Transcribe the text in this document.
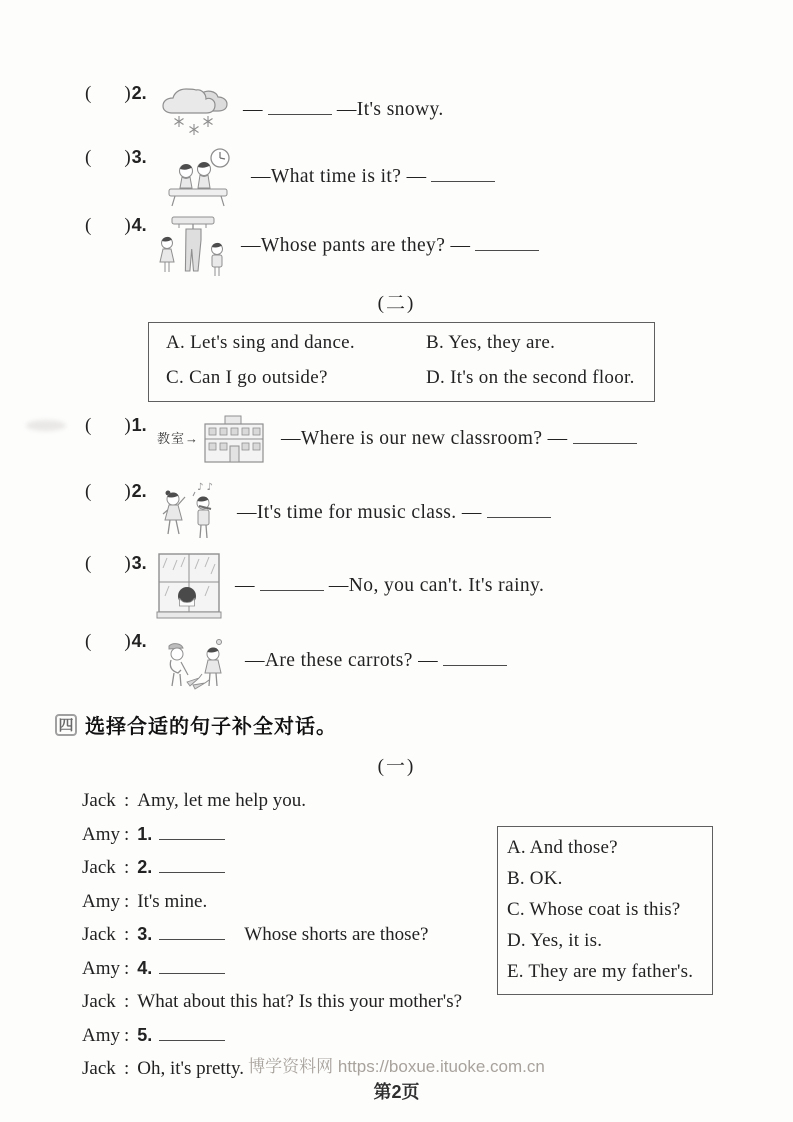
( ) 2.
—	—It's snowy.
( ) 3.
—What time is it? —
( ) 4.
—Whose pants are they? —
(二)
A. Let's sing and dance.	B. Yes, they are.
C. Can I go outside?	D. It's on the second floor.
( ) 1.
教室→	—Where is our new classroom? —
( ) 2.	♪ ♪
—It's time for music class. —
( ) 3.
—	—No, you can't. It's rainy.
( ) 4.
—Are these carrots? —
四 选择合适的句子补全对话。
(一)
Jack : Amy, let me help you.
Amy : 1.
Jack : 2.
Amy : It's mine.
Jack : 3.	Whose shorts are those?
Amy : 4.
Jack : What about this hat? Is this your mother's?
Amy : 5.
Jack : Oh, it's pretty.
A. And those?
B. OK.
C. Whose coat is this?
D. Yes, it is.
E. They are my father's.
博学资料网 https://boxue.ituoke.com.cn
第2页
